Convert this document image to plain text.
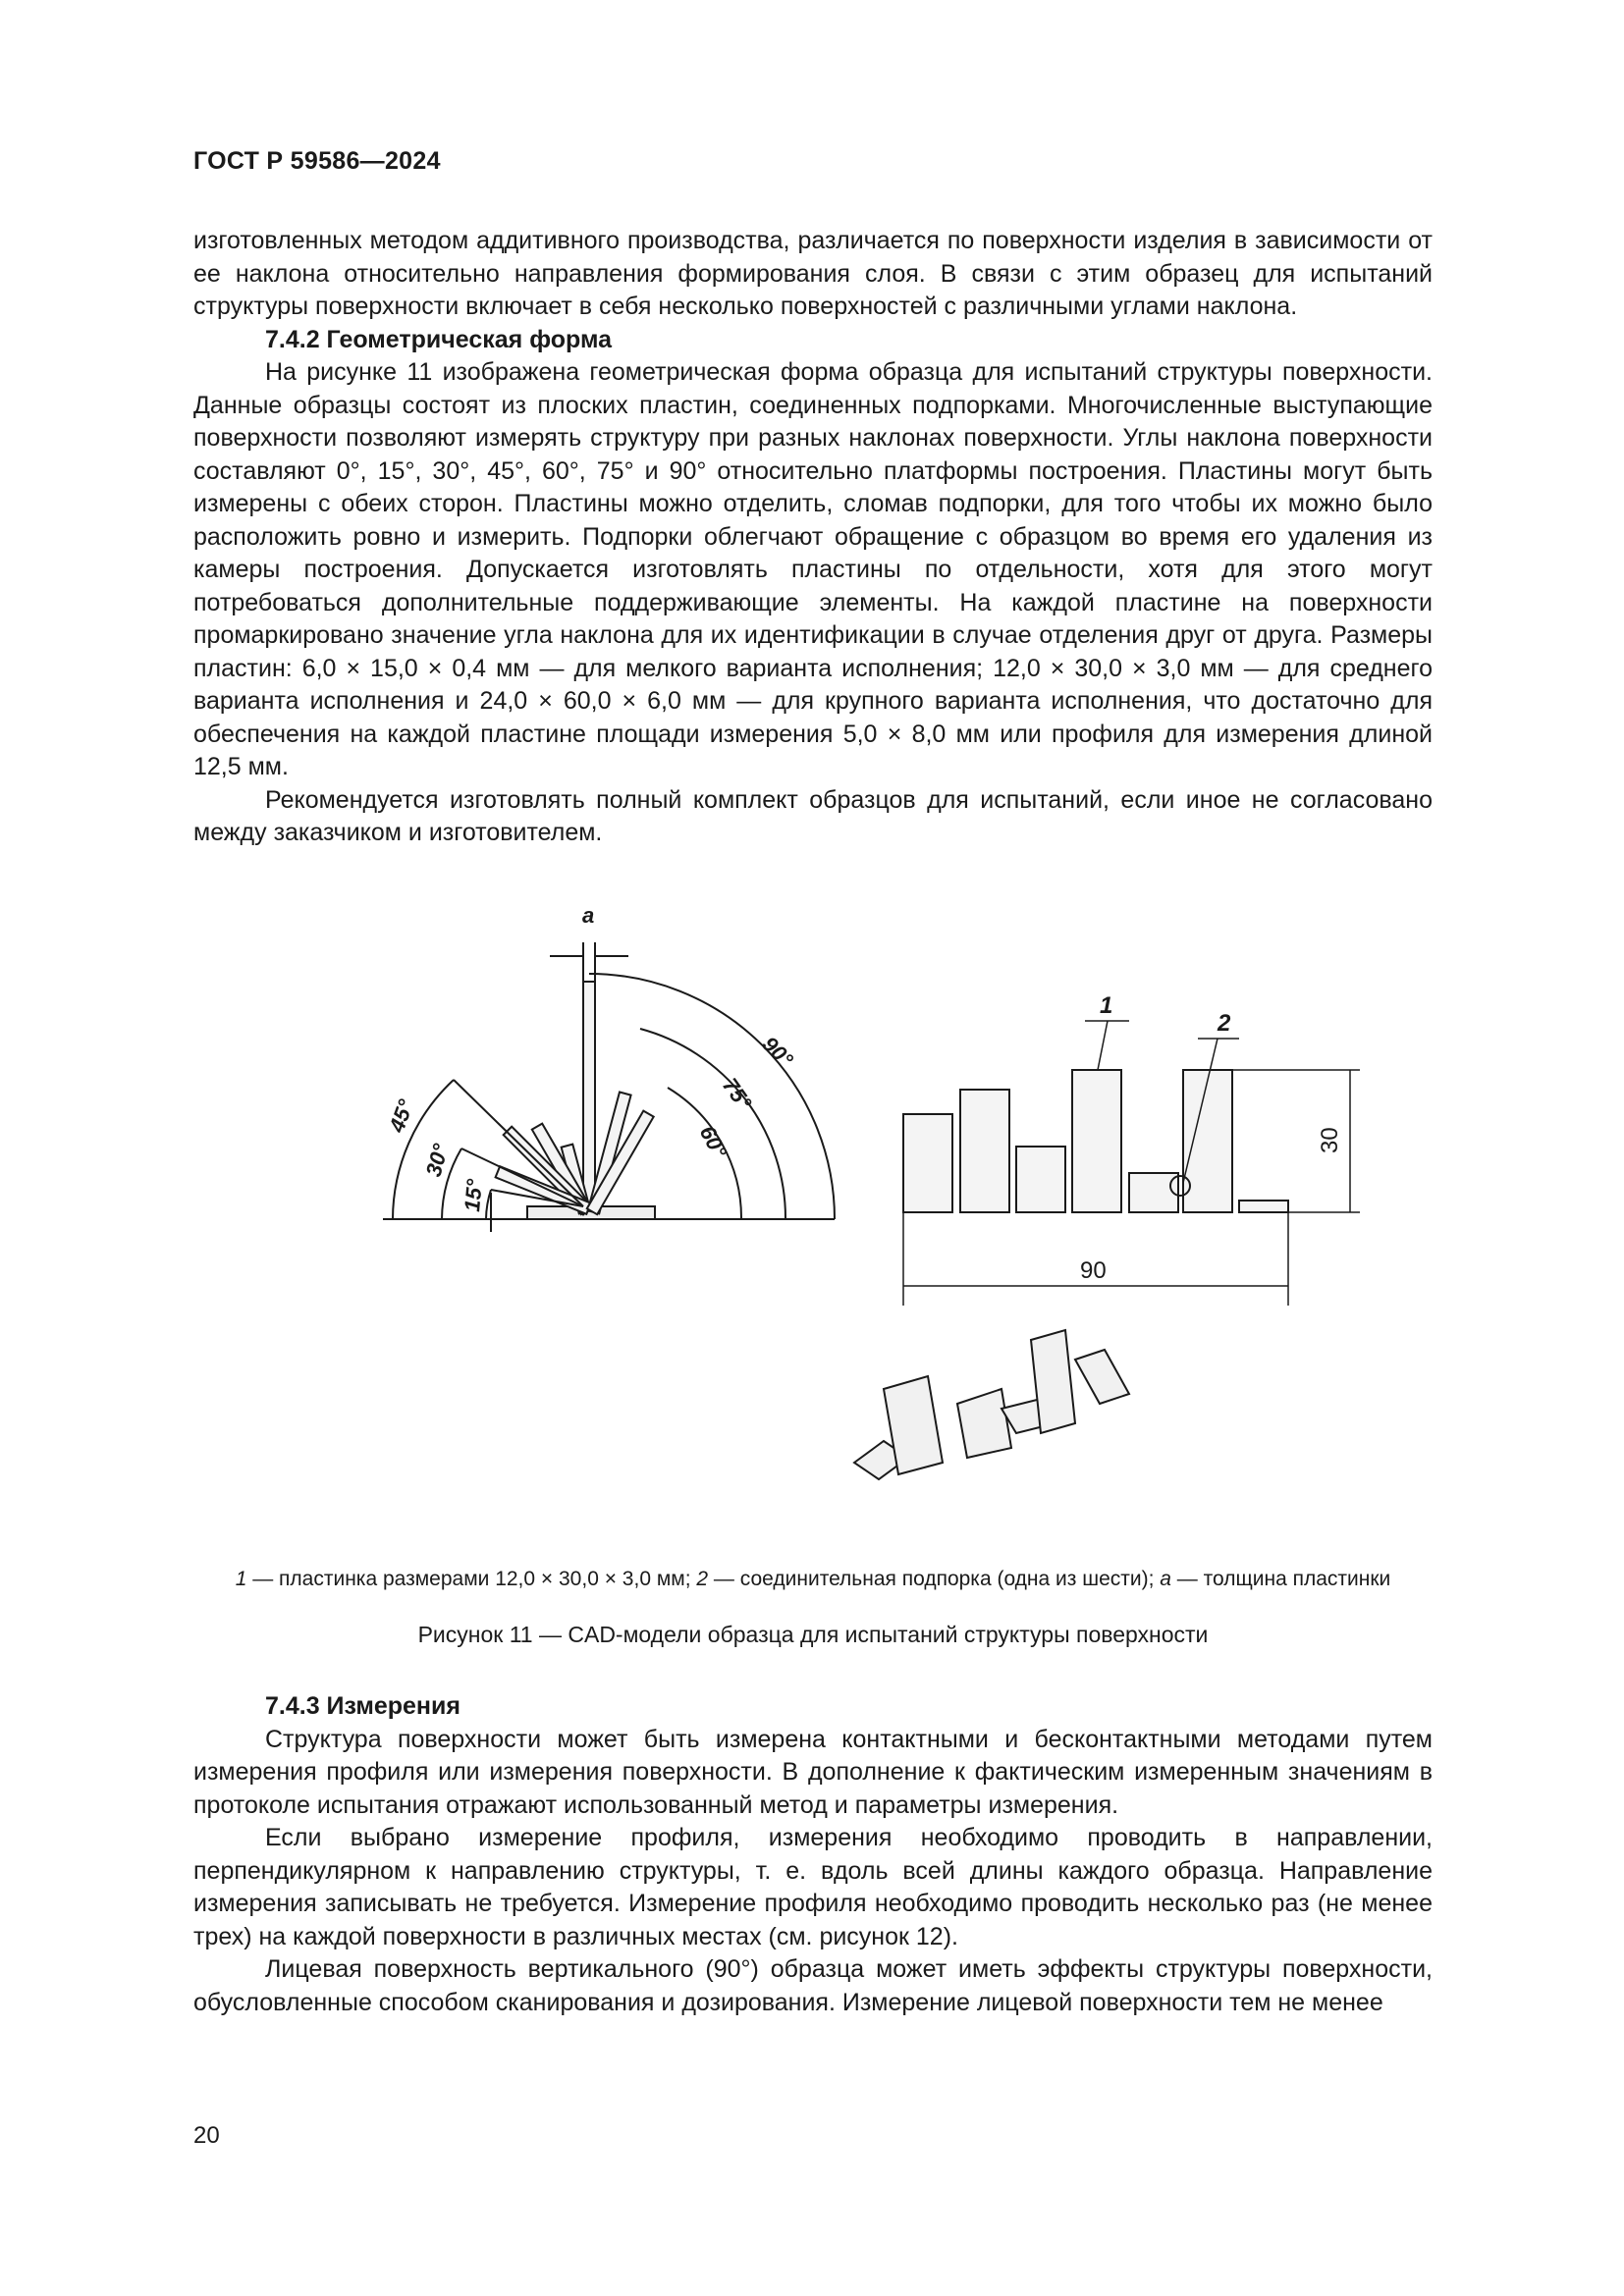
ГОСТ Р 59586—2024

изготовленных методом аддитивного производства, различается по поверхности изделия в зависимости от ее наклона относительно направления формирования слоя. В связи с этим образец для испытаний структуры поверхности включает в себя несколько поверхностей с различными углами наклона.

7.4.2 Геометрическая форма

На рисунке 11 изображена геометрическая форма образца для испытаний структуры поверхности. Данные образцы состоят из плоских пластин, соединенных подпорками. Многочисленные выступающие поверхности позволяют измерять структуру при разных наклонах поверхности. Углы наклона поверхности составляют 0°, 15°, 30°, 45°, 60°, 75° и 90° относительно платформы построения. Пластины могут быть измерены с обеих сторон. Пластины можно отделить, сломав подпорки, для того чтобы их можно было расположить ровно и измерить. Подпорки облегчают обращение с образцом во время его удаления из камеры построения. Допускается изготовлять пластины по отдельности, хотя для этого могут потребоваться дополнительные поддерживающие элементы. На каждой пластине на поверхности промаркировано значение угла наклона для их идентификации в случае отделения друг от друга. Размеры пластин: 6,0 × 15,0 × 0,4 мм — для мелкого варианта исполнения; 12,0 × 30,0 × 3,0 мм — для среднего варианта исполнения и 24,0 × 60,0 × 6,0 мм — для крупного варианта исполнения, что достаточно для обеспечения на каждой пластине площади измерения 5,0 × 8,0 мм или профиля для измерения длиной 12,5 мм.

Рекомендуется изготовлять полный комплект образцов для испытаний, если иное не согласовано между заказчиком и изготовителем.

a
90°
75°
60°
45°
30°
15°
1
2
30
90
1 — пластинка размерами 12,0 × 30,0 × 3,0 мм; 2 — соединительная подпорка (одна из шести); a — толщина пластинки
Рисунок 11 — CAD-модели образца для испытаний структуры поверхности
7.4.3 Измерения

Структура поверхности может быть измерена контактными и бесконтактными методами путем измерения профиля или измерения поверхности. В дополнение к фактическим измеренным значениям в протоколе испытания отражают использованный метод и параметры измерения.

Если выбрано измерение профиля, измерения необходимо проводить в направлении, перпендикулярном к направлению структуры, т. е. вдоль всей длины каждого образца. Направление измерения записывать не требуется. Измерение профиля необходимо проводить несколько раз (не менее трех) на каждой поверхности в различных местах (см. рисунок 12).

Лицевая поверхность вертикального (90°) образца может иметь эффекты структуры поверхности, обусловленные способом сканирования и дозирования. Измерение лицевой поверхности тем не менее

20
